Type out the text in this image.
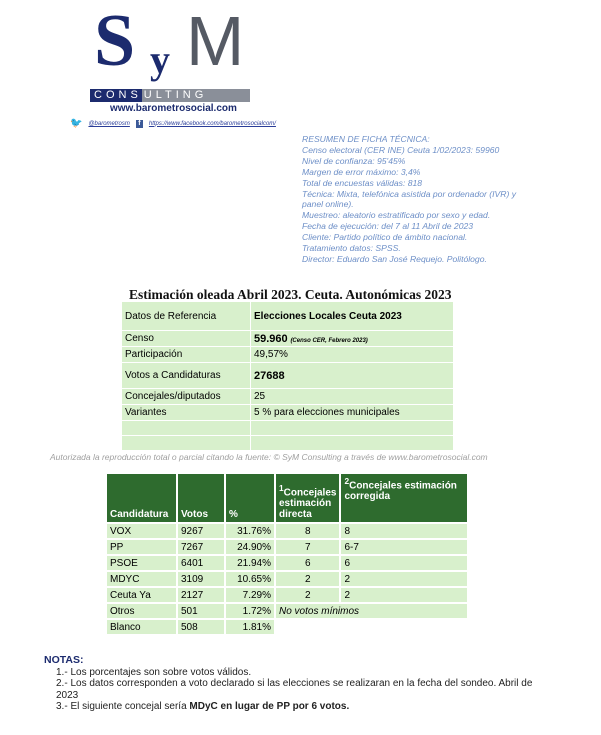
S y M
CONS ULTING
www.barometrosocial.com
🐦 @barometrosm	f	https://www.facebook.com/barometrosocialcom/
RESUMEN DE FICHA TÉCNICA:
Censo electoral (CER INE) Ceuta 1/02/2023: 59960
Nivel de confianza: 95'45%
Margen de error máximo: 3,4%
Total de encuestas válidas: 818
Técnica: Mixta, telefónica asistida por ordenador (IVR) y panel online).
Muestreo: aleatorio estratificado por sexo y edad.
Fecha de ejecución: del 7 al 11 Abril de 2023
Cliente: Partido político de ámbito nacional.
Tratamiento datos: SPSS.
Director: Eduardo San José Requejo. Politólogo.
Estimación oleada Abril 2023. Ceuta. Autonómicas 2023
Datos de Referencia	Elecciones Locales Ceuta 2023
Censo	59.960 (Censo CER, Febrero 2023)
Participación	49,57%
Votos a Candidaturas	27688
Concejales/diputados	25
Variantes	5 % para elecciones municipales

Autorizada la reproducción total o parcial citando la fuente: © SyM Consulting a través de www.barometrosocial.com
Candidatura	Votos	%	$^1$Concejales estimación directa	$^2$Concejales estimación corregida
VOX	9267	31.76%	8	8
PP	7267	24.90%	7	6-7
PSOE	6401	21.94%	6	6
MDYC	3109	10.65%	2	2
Ceuta Ya	2127	7.29%	2	2
Otros	501	1.72%	No votos mínimos	
Blanco	508	1.81%		
NOTAS:
1.- Los porcentajes son sobre votos válidos.
2.- Los datos corresponden a voto declarado si las elecciones se realizaran en la fecha del sondeo. Abril de 2023
3.- El siguiente concejal sería MDyC en lugar de PP por 6 votos.
